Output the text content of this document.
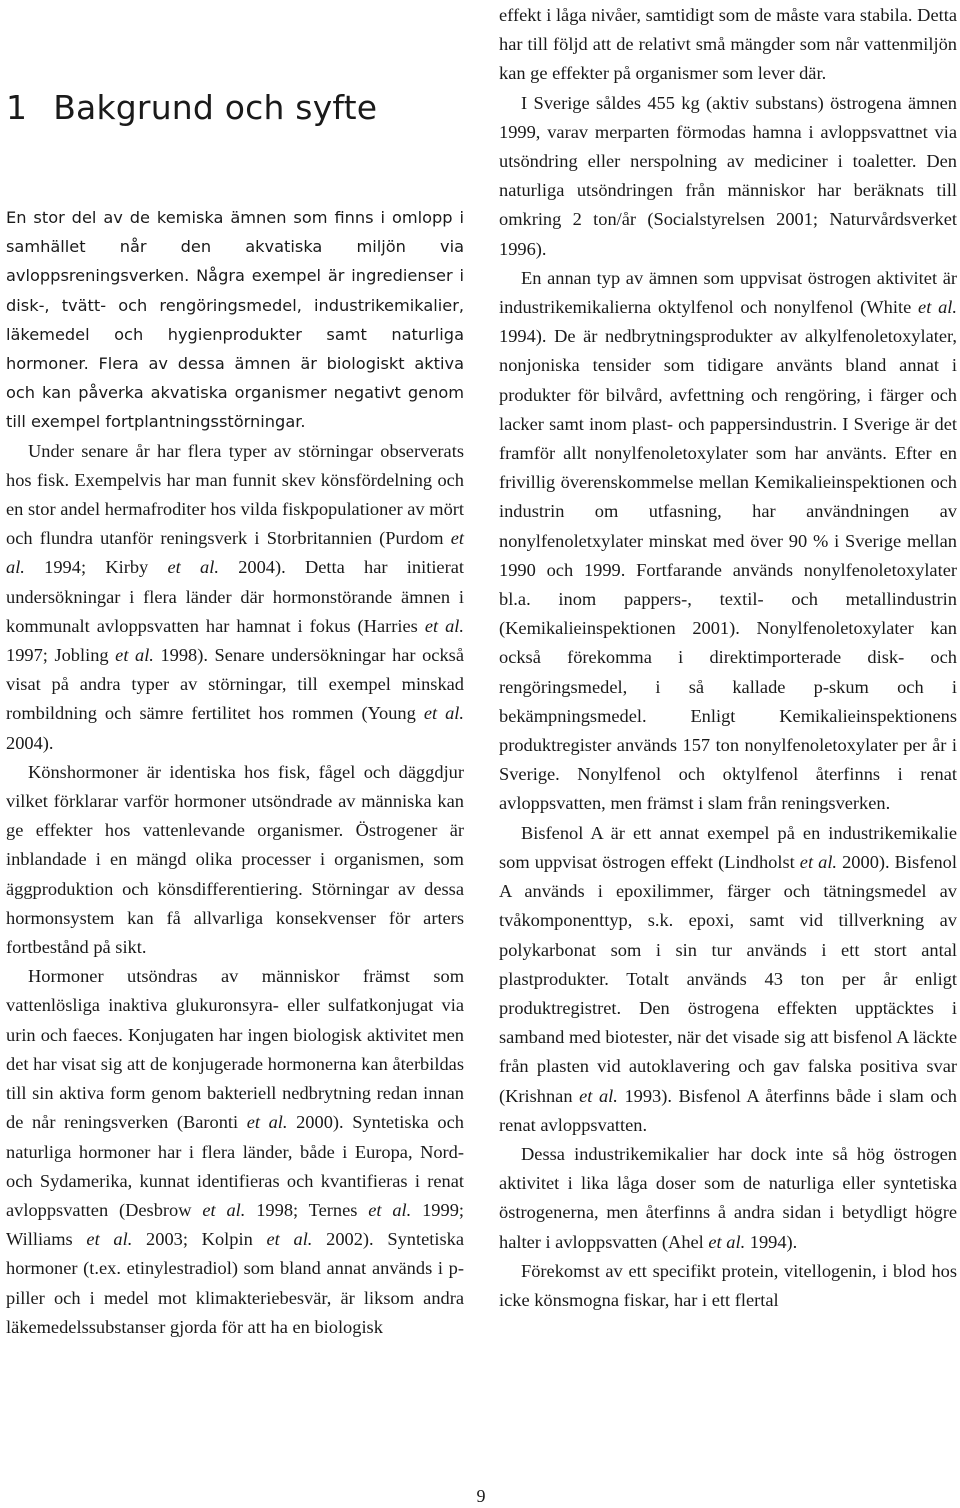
1 Bakgrund och syfte

En stor del av de kemiska ämnen som finns i omlopp i samhället når den akvatiska miljön via avloppsreningsverken. Några exempel är ingredienser i disk-, tvätt- och rengöringsmedel, industrikemikalier, läkemedel och hygienprodukter samt naturliga hormoner. Flera av dessa ämnen är biologiskt aktiva och kan påverka akvatiska organismer negativt genom till exempel fortplantningsstörningar.

Under senare år har flera typer av störningar observerats hos fisk. Exempelvis har man funnit skev könsfördelning och en stor andel hermafroditer hos vilda fiskpopulationer av mört och flundra utanför reningsverk i Storbritannien (Purdom et al. 1994; Kirby et al. 2004). Detta har initierat undersökningar i flera länder där hormonstörande ämnen i kommunalt avloppsvatten har hamnat i fokus (Harries et al. 1997; Jobling et al. 1998). Senare undersökningar har också visat på andra typer av störningar, till exempel minskad rombildning och sämre fertilitet hos rommen (Young et al. 2004).

Könshormoner är identiska hos fisk, fågel och däggdjur vilket förklarar varför hormoner utsöndrade av människa kan ge effekter hos vattenlevande organismer. Östrogener är inblandade i en mängd olika processer i organismen, som äggproduktion och könsdifferentiering. Störningar av dessa hormonsystem kan få allvarliga konsekvenser för arters fortbestånd på sikt.

Hormoner utsöndras av människor främst som vattenlösliga inaktiva glukuronsyra- eller sulfatkonjugat via urin och faeces. Konjugaten har ingen biologisk aktivitet men det har visat sig att de konjugerade hormonerna kan återbildas till sin aktiva form genom bakteriell nedbrytning redan innan de når reningsverken (Baronti et al. 2000). Syntetiska och naturliga hormoner har i flera länder, både i Europa, Nord- och Sydamerika, kunnat identifieras och kvantifieras i renat avloppsvatten (Desbrow et al. 1998; Ternes et al. 1999; Williams et al. 2003; Kolpin et al. 2002). Syntetiska hormoner (t.ex. etinylestradiol) som bland annat används i p-piller och i medel mot klimakteriebesvär, är liksom andra läkemedelssubstanser gjorda för att ha en biologisk

effekt i låga nivåer, samtidigt som de måste vara stabila. Detta har till följd att de relativt små mängder som når vattenmiljön kan ge effekter på organismer som lever där.

I Sverige såldes 455 kg (aktiv substans) östrogena ämnen 1999, varav merparten förmodas hamna i avloppsvattnet via utsöndring eller nerspolning av mediciner i toaletter. Den naturliga utsöndringen från människor har beräknats till omkring 2 ton/år (Socialstyrelsen 2001; Naturvårdsverket 1996).

En annan typ av ämnen som uppvisat östrogen aktivitet är industrikemikalierna oktylfenol och nonylfenol (White et al. 1994). De är nedbrytningsprodukter av alkylfenoletoxylater, nonjoniska tensider som tidigare använts bland annat i produkter för bilvård, avfettning och rengöring, i färger och lacker samt inom plast- och pappersindustrin. I Sverige är det framför allt nonylfenoletoxylater som har använts. Efter en frivillig överenskommelse mellan Kemikalieinspektionen och industrin om utfasning, har användningen av nonylfenoletxylater minskat med över 90 % i Sverige mellan 1990 och 1999. Fortfarande används nonylfenoletoxylater bl.a. inom pappers-, textil- och metallindustrin (Kemikalieinspektionen 2001). Nonylfenoletoxylater kan också förekomma i direktimporterade disk- och rengöringsmedel, i så kallade p-skum och i bekämpningsmedel. Enligt Kemikalieinspektionens produktregister används 157 ton nonylfenoletoxylater per år i Sverige. Nonylfenol och oktylfenol återfinns i renat avloppsvatten, men främst i slam från reningsverken.

Bisfenol A är ett annat exempel på en industrikemikalie som uppvisat östrogen effekt (Lindholst et al. 2000). Bisfenol A används i epoxilimmer, färger och tätningsmedel av tvåkomponenttyp, s.k. epoxi, samt vid tillverkning av polykarbonat som i sin tur används i ett stort antal plastprodukter. Totalt används 43 ton per år enligt produktregistret. Den östrogena effekten upptäcktes i samband med biotester, när det visade sig att bisfenol A läckte från plasten vid autoklavering och gav falska positiva svar (Krishnan et al. 1993). Bisfenol A återfinns både i slam och renat avloppsvatten.

Dessa industrikemikalier har dock inte så hög östrogen aktivitet i lika låga doser som de naturliga eller syntetiska östrogenerna, men återfinns å andra sidan i betydligt högre halter i avloppsvatten (Ahel et al. 1994).

Förekomst av ett specifikt protein, vitellogenin, i blod hos icke könsmogna fiskar, har i ett flertal

9
